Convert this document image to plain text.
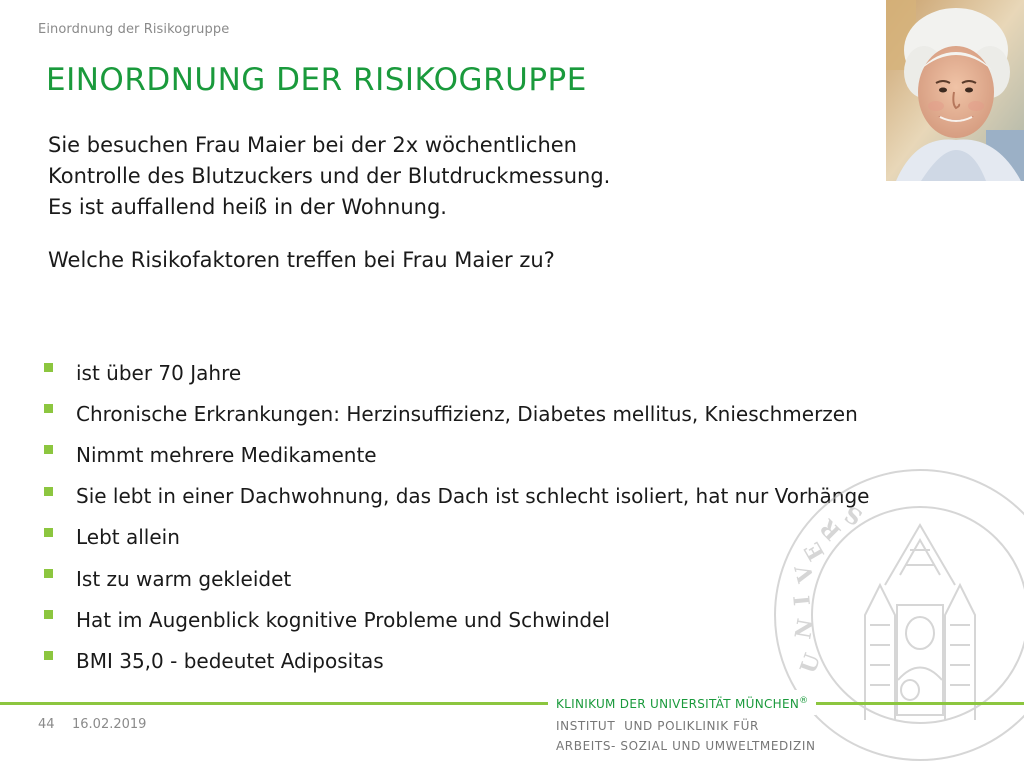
Einordnung der Risikogruppe
EINORDNUNG DER RISIKOGRUPPE
Sie besuchen Frau Maier bei der 2x wöchentlichen
Kontrolle des Blutzuckers und der Blutdruckmessung.
Es ist auffallend heiß in der Wohnung.
Welche Risikofaktoren treffen bei Frau Maier zu?
ist über 70 Jahre
Chronische Erkrankungen: Herzinsuffizienz, Diabetes mellitus, Knieschmerzen
Nimmt mehrere Medikamente
Sie lebt in einer Dachwohnung, das Dach ist schlecht isoliert, hat nur Vorhänge
Lebt allein
Ist zu warm gekleidet
Hat im Augenblick kognitive Probleme und Schwindel
BMI 35,0 - bedeutet Adipositas	U
N
I
V
E
R
S
KLINIKUM DER UNIVERSITÄT MÜNCHEN®
44 16.02.2019	INSTITUT  UND POLIKLINIK FÜR
ARBEITS- SOZIAL UND UMWELTMEDIZIN
